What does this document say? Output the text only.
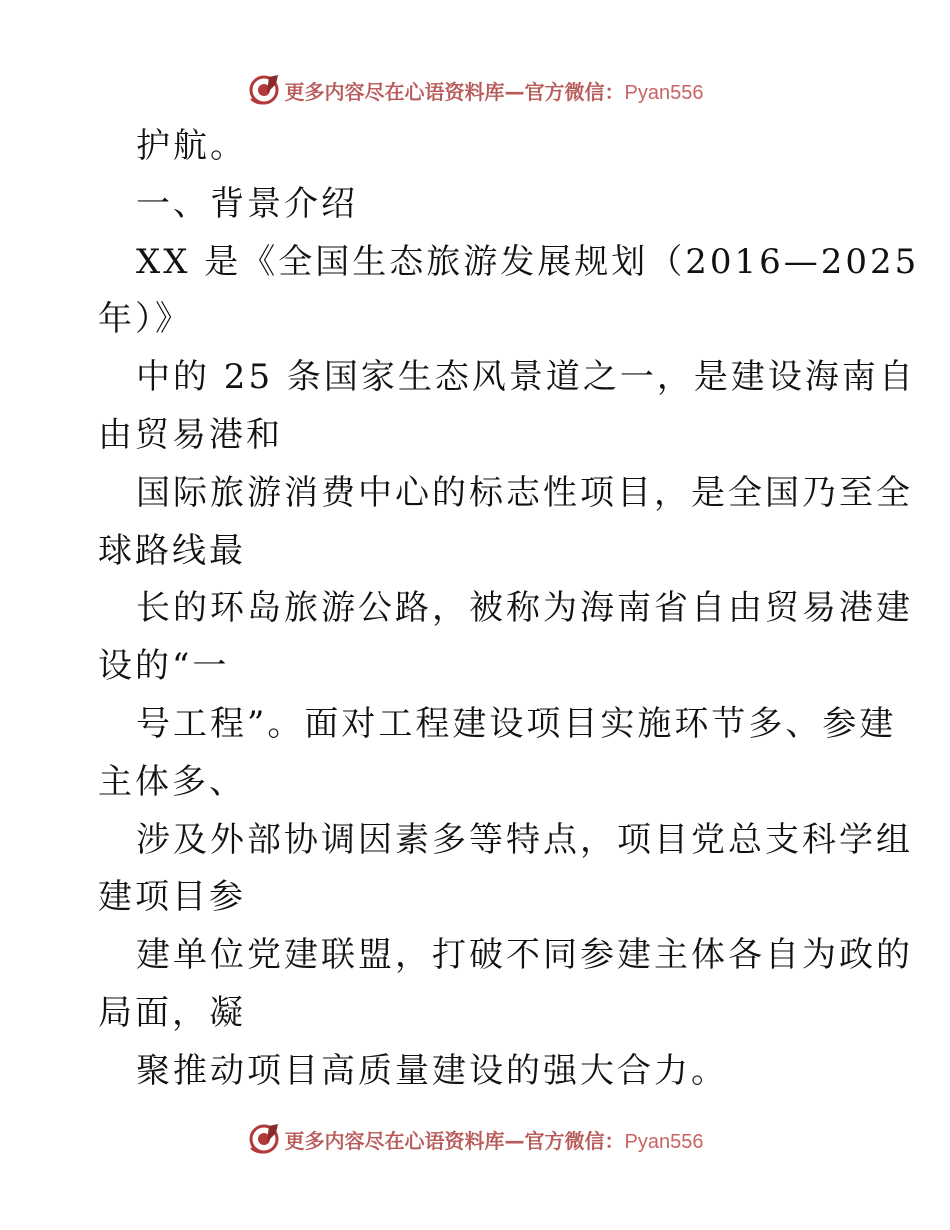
更多内容尽在心语资料库—官方微信：Pyan556
护航。
一、背景介绍
XX 是《全国生态旅游发展规划（2016—2025
年）》
中的 25 条国家生态风景道之一，是建设海南自
由贸易港和
国际旅游消费中心的标志性项目，是全国乃至全
球路线最
长的环岛旅游公路，被称为海南省自由贸易港建
设的“一
号工程”。面对工程建设项目实施环节多、参建
主体多、
涉及外部协调因素多等特点，项目党总支科学组
建项目参
建单位党建联盟，打破不同参建主体各自为政的
局面，凝
聚推动项目高质量建设的强大合力。
更多内容尽在心语资料库—官方微信：Pyan556
